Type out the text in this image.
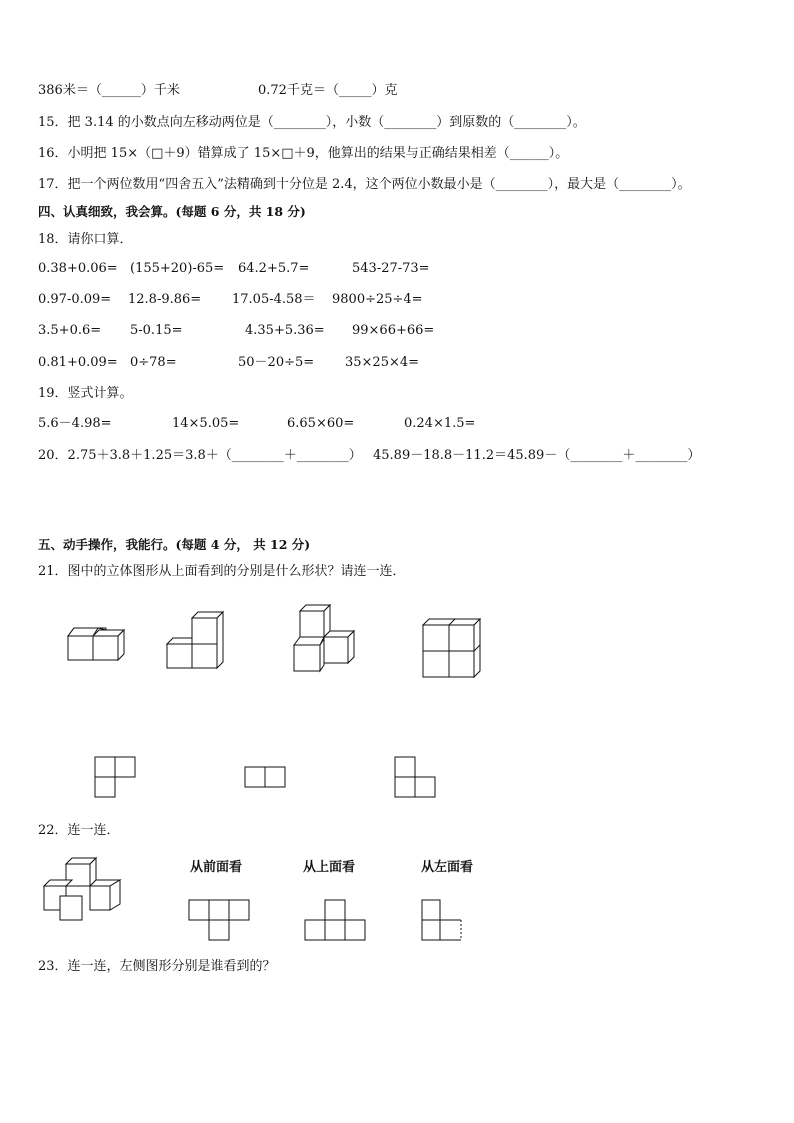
386米＝（______）千米	0.72千克＝（_____）克
15．把 3.14 的小数点向左移动两位是（________），小数（________）到原数的（________）。
16．小明把 15×（□＋9）错算成了 15×□＋9，他算出的结果与正确结果相差（______）。
17．把一个两位数用“四舍五入”法精确到十分位是 2.4，这个两位小数最小是（________），最大是（________）。
四、认真细致，我会算。(每题 6 分，共 18 分)
18．请你口算．
0.38+0.06= (155+20)-65= 64.2+5.7=	543-27-73=
0.97-0.09= 12.8-9.86= 17.05-4.58＝ 9800÷25÷4=
3.5+0.6= 5-0.15=	4.35+5.36= 99×66+66=
0.81+0.09= 0÷78=	50－20÷5= 35×25×4=
19．竖式计算。
5.6－4.98=	14×5.05=	6.65×60=	0.24×1.5=
20．2.75＋3.8＋1.25＝3.8＋（________＋________） 45.89－18.8－11.2＝45.89－（________＋________）
五、动手操作，我能行。(每题 4 分， 共 12 分)
21．图中的立体图形从上面看到的分别是什么形状？请连一连．
22．连一连．
从前面看	从上面看	从左面看
23．连一连，左侧图形分别是谁看到的？
